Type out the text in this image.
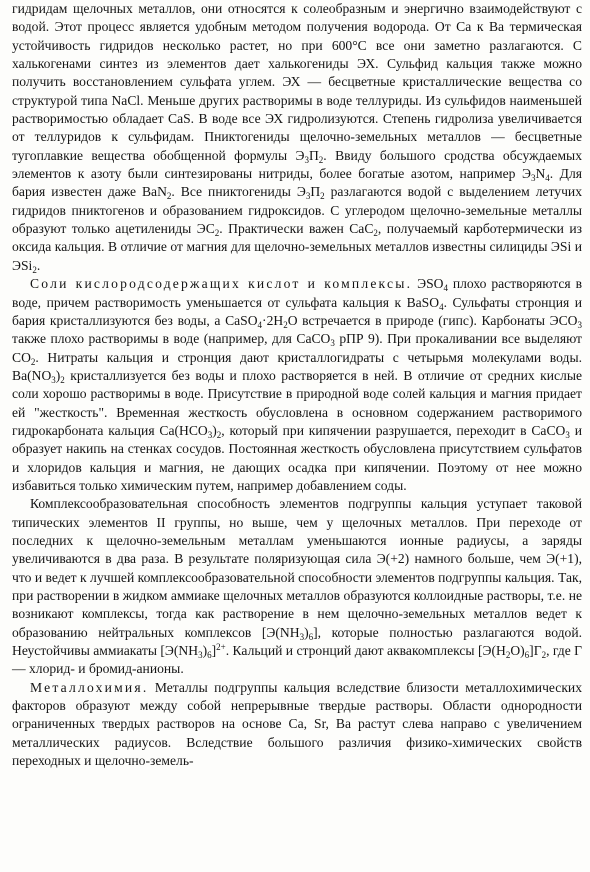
гидридам щелочных металлов, они относятся к солеобразным и энергично взаимодействуют с водой. Этот процесс является удобным методом получения водорода. От Ca к Ba термическая устойчивость гидридов несколько растет, но при 600°C все они заметно разлагаются. С халькогенами синтез из элементов дает халькогениды ЭХ. Сульфид кальция также можно получить восстановлением сульфата углем. ЭХ — бесцветные кристаллические вещества со структурой типа NaCl. Меньше других растворимы в воде теллуриды. Из сульфидов наименьшей растворимостью обладает CaS. В воде все ЭХ гидролизуются. Степень гидролиза увеличивается от теллуридов к сульфидам. Пниктогениды щелочно-земельных металлов — бесцветные тугоплавкие вещества обобщенной формулы $Э_3П_2$. Ввиду большого сродства обсуждаемых элементов к азоту были синтезированы нитриды, более богатые азотом, например $Э_3N_4$. Для бария известен даже BaN$_2$. Все пниктогениды $Э_3П_2$ разлагаются водой с выделением летучих гидридов пниктогенов и образованием гидроксидов. С углеродом щелочно-земельные металлы образуют только ацетилениды $ЭС_2$. Практически важен CaC$_2$, получаемый карботермически из оксида кальция. В отличие от магния для щелочно-земельных металлов известны силициды ЭSi и ЭSi$_2$.

Соли кислородсодержащих кислот и комплексы. $ЭSO_4$ плохо растворяются в воде, причем растворимость уменьшается от сульфата кальция к BaSO$_4$. Сульфаты стронция и бария кристаллизуются без воды, а $CaSO_4\cdot 2H_2O$ встречается в природе (гипс). Карбонаты $ЭCO_3$ также плохо растворимы в воде (например, для CaCO$_3$ pПР 9). При прокаливании все выделяют $CO_2$. Нитраты кальция и стронция дают кристаллогидраты с четырьмя молекулами воды. $Ba(NO_3)_2$ кристаллизуется без воды и плохо растворяется в ней. В отличие от средних кислые соли хорошо растворимы в воде. Присутствие в природной воде солей кальция и магния придает ей "жесткость". Временная жесткость обусловлена в основном содержанием растворимого гидрокарбоната кальция $Ca(HCO_3)_2$, который при кипячении разрушается, переходит в CaCO$_3$ и образует накипь на стенках сосудов. Постоянная жесткость обусловлена присутствием сульфатов и хлоридов кальция и магния, не дающих осадка при кипячении. Поэтому от нее можно избавиться только химическим путем, например добавлением соды.

Комплексообразовательная способность элементов подгруппы кальция уступает таковой типических элементов II группы, но выше, чем у щелочных металлов. При переходе от последних к щелочно-земельным металлам уменьшаются ионные радиусы, а заряды увеличиваются в два раза. В результате поляризующая сила Э(+2) намного больше, чем Э(+1), что и ведет к лучшей комплексообразовательной способности элементов подгруппы кальция. Так, при растворении в жидком аммиаке щелочных металлов образуются коллоидные растворы, т.е. не возникают комплексы, тогда как растворение в нем щелочно-земельных металлов ведет к образованию нейтральных комплексов $[Э(NH_3)_6]$, которые полностью разлагаются водой. Неустойчивы аммиакаты $[Э(NH_3)_6]^{2+}$. Кальций и стронций дают аквакомплексы $[Э(H_2O)_6]Г_2$, где Г — хлорид- и бромид-анионы.

Металлохимия. Металлы подгруппы кальция вследствие близости металлохимических факторов образуют между собой непрерывные твердые растворы. Области однородности ограниченных твердых растворов на основе Ca, Sr, Ba растут слева направо с увеличением металлических радиусов. Вследствие большого различия физико-химических свойств переходных и щелочно-земель-
